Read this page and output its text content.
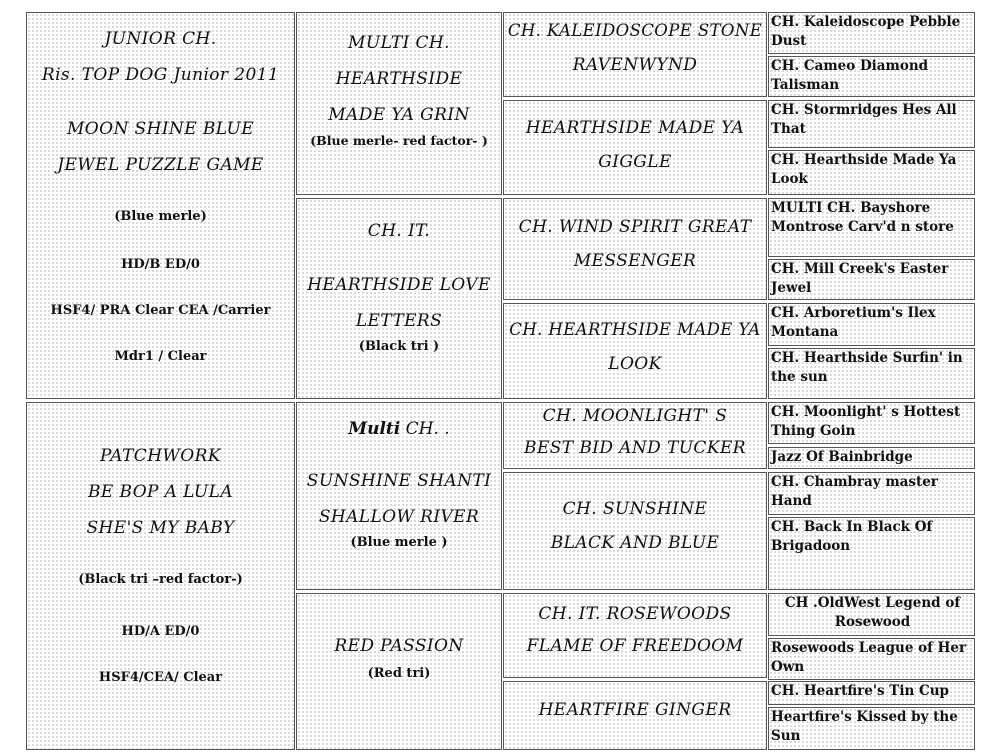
JUNIOR CH.
Ris. TOP DOG Junior 2011
MOON SHINE BLUE
JEWEL PUZZLE GAME
(Blue merle)
HD/B ED/0
HSF4/ PRA Clear CEA /Carrier
Mdr1 / Clear
PATCHWORK
BE BOP A LULA
SHE'S MY BABY
(Black tri –red factor-)
HD/A ED/0
HSF4/CEA/ Clear
MULTI CH.
HEARTHSIDE
MADE YA GRIN
(Blue merle- red factor- )
CH. IT.
HEARTHSIDE LOVE
LETTERS
(Black tri )
Multi CH. .
SUNSHINE SHANTI
SHALLOW RIVER
(Blue merle )
RED PASSION
(Red tri)
CH. KALEIDOSCOPE STONE
RAVENWYND
HEARTHSIDE MADE YA
GIGGLE
CH. WIND SPIRIT GREAT
MESSENGER
CH. HEARTHSIDE MADE YA
LOOK
CH. MOONLIGHT' S
BEST BID AND TUCKER
CH. SUNSHINE
BLACK AND BLUE
CH. IT. ROSEWOODS
FLAME OF FREEDOOM
HEARTFIRE GINGER
CH. Kaleidoscope Pebble Dust
CH. Cameo Diamond Talisman
CH. Stormridges Hes All That
CH. Hearthside Made Ya Look
MULTI CH. Bayshore Montrose Carv'd n store
CH. Mill Creek's Easter Jewel
CH. Arboretium's Ilex Montana
CH. Hearthside Surfin' in the sun
CH. Moonlight' s Hottest Thing Goin
Jazz Of Bainbridge
CH. Chambray master Hand
CH. Back In Black Of Brigadoon
CH .OldWest Legend of Rosewood
Rosewoods League of Her Own
CH. Heartfire's Tin Cup
Heartfire's Kissed by the Sun
